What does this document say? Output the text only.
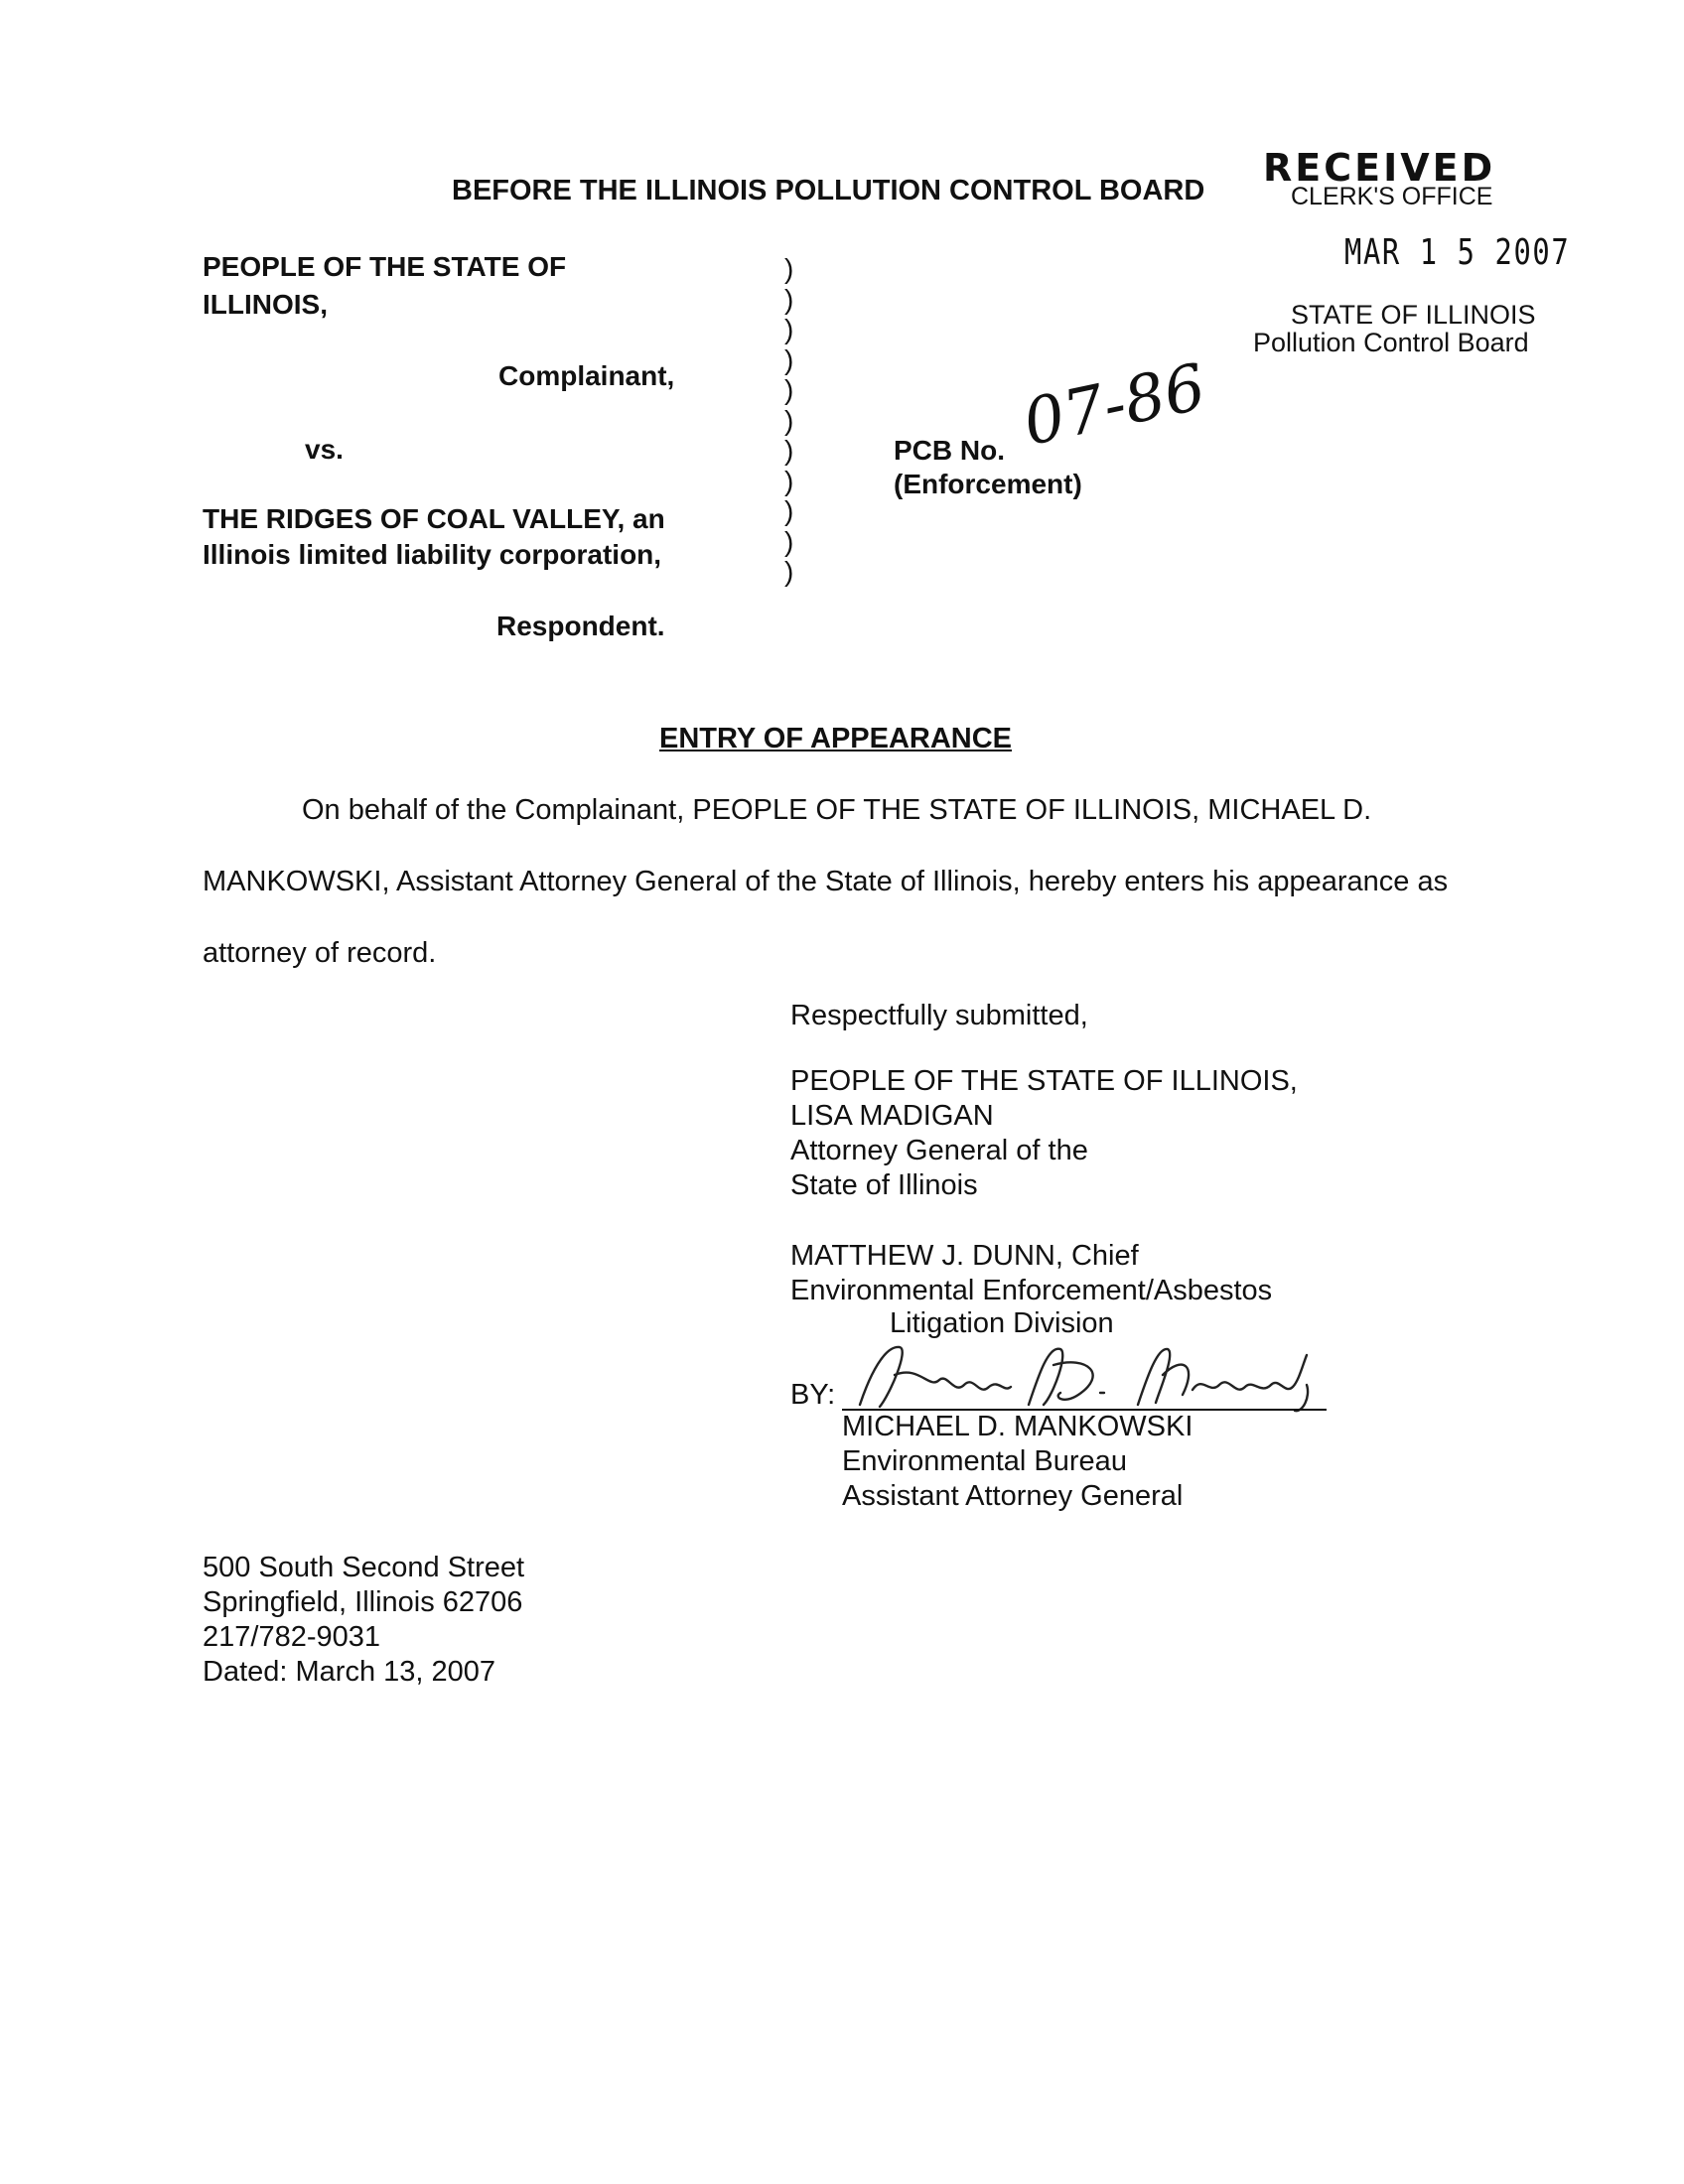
BEFORE THE ILLINOIS POLLUTION CONTROL BOARD
RECEIVED
CLERK'S OFFICE
MAR 1 5 2007
STATE OF ILLINOIS
Pollution Control Board
PEOPLE OF THE STATE OF
ILLINOIS,
Complainant,
vs.
THE RIDGES OF COAL VALLEY, an
Illinois limited liability corporation,
Respondent.
)
)
)
)
)
)
)
)
)
)
)
PCB No. 07-86
(Enforcement)
ENTRY OF APPEARANCE
On behalf of the Complainant, PEOPLE OF THE STATE OF ILLINOIS, MICHAEL D.
MANKOWSKI, Assistant Attorney General of the State of Illinois, hereby enters his appearance as
attorney of record.
Respectfully submitted,
PEOPLE OF THE STATE OF ILLINOIS,
LISA MADIGAN
Attorney General of the
State of Illinois
MATTHEW J. DUNN, Chief
Environmental Enforcement/Asbestos
Litigation Division
BY:
MICHAEL D. MANKOWSKI
Environmental Bureau
Assistant Attorney General
500 South Second Street
Springfield, Illinois 62706
217/782-9031
Dated: March 13, 2007
